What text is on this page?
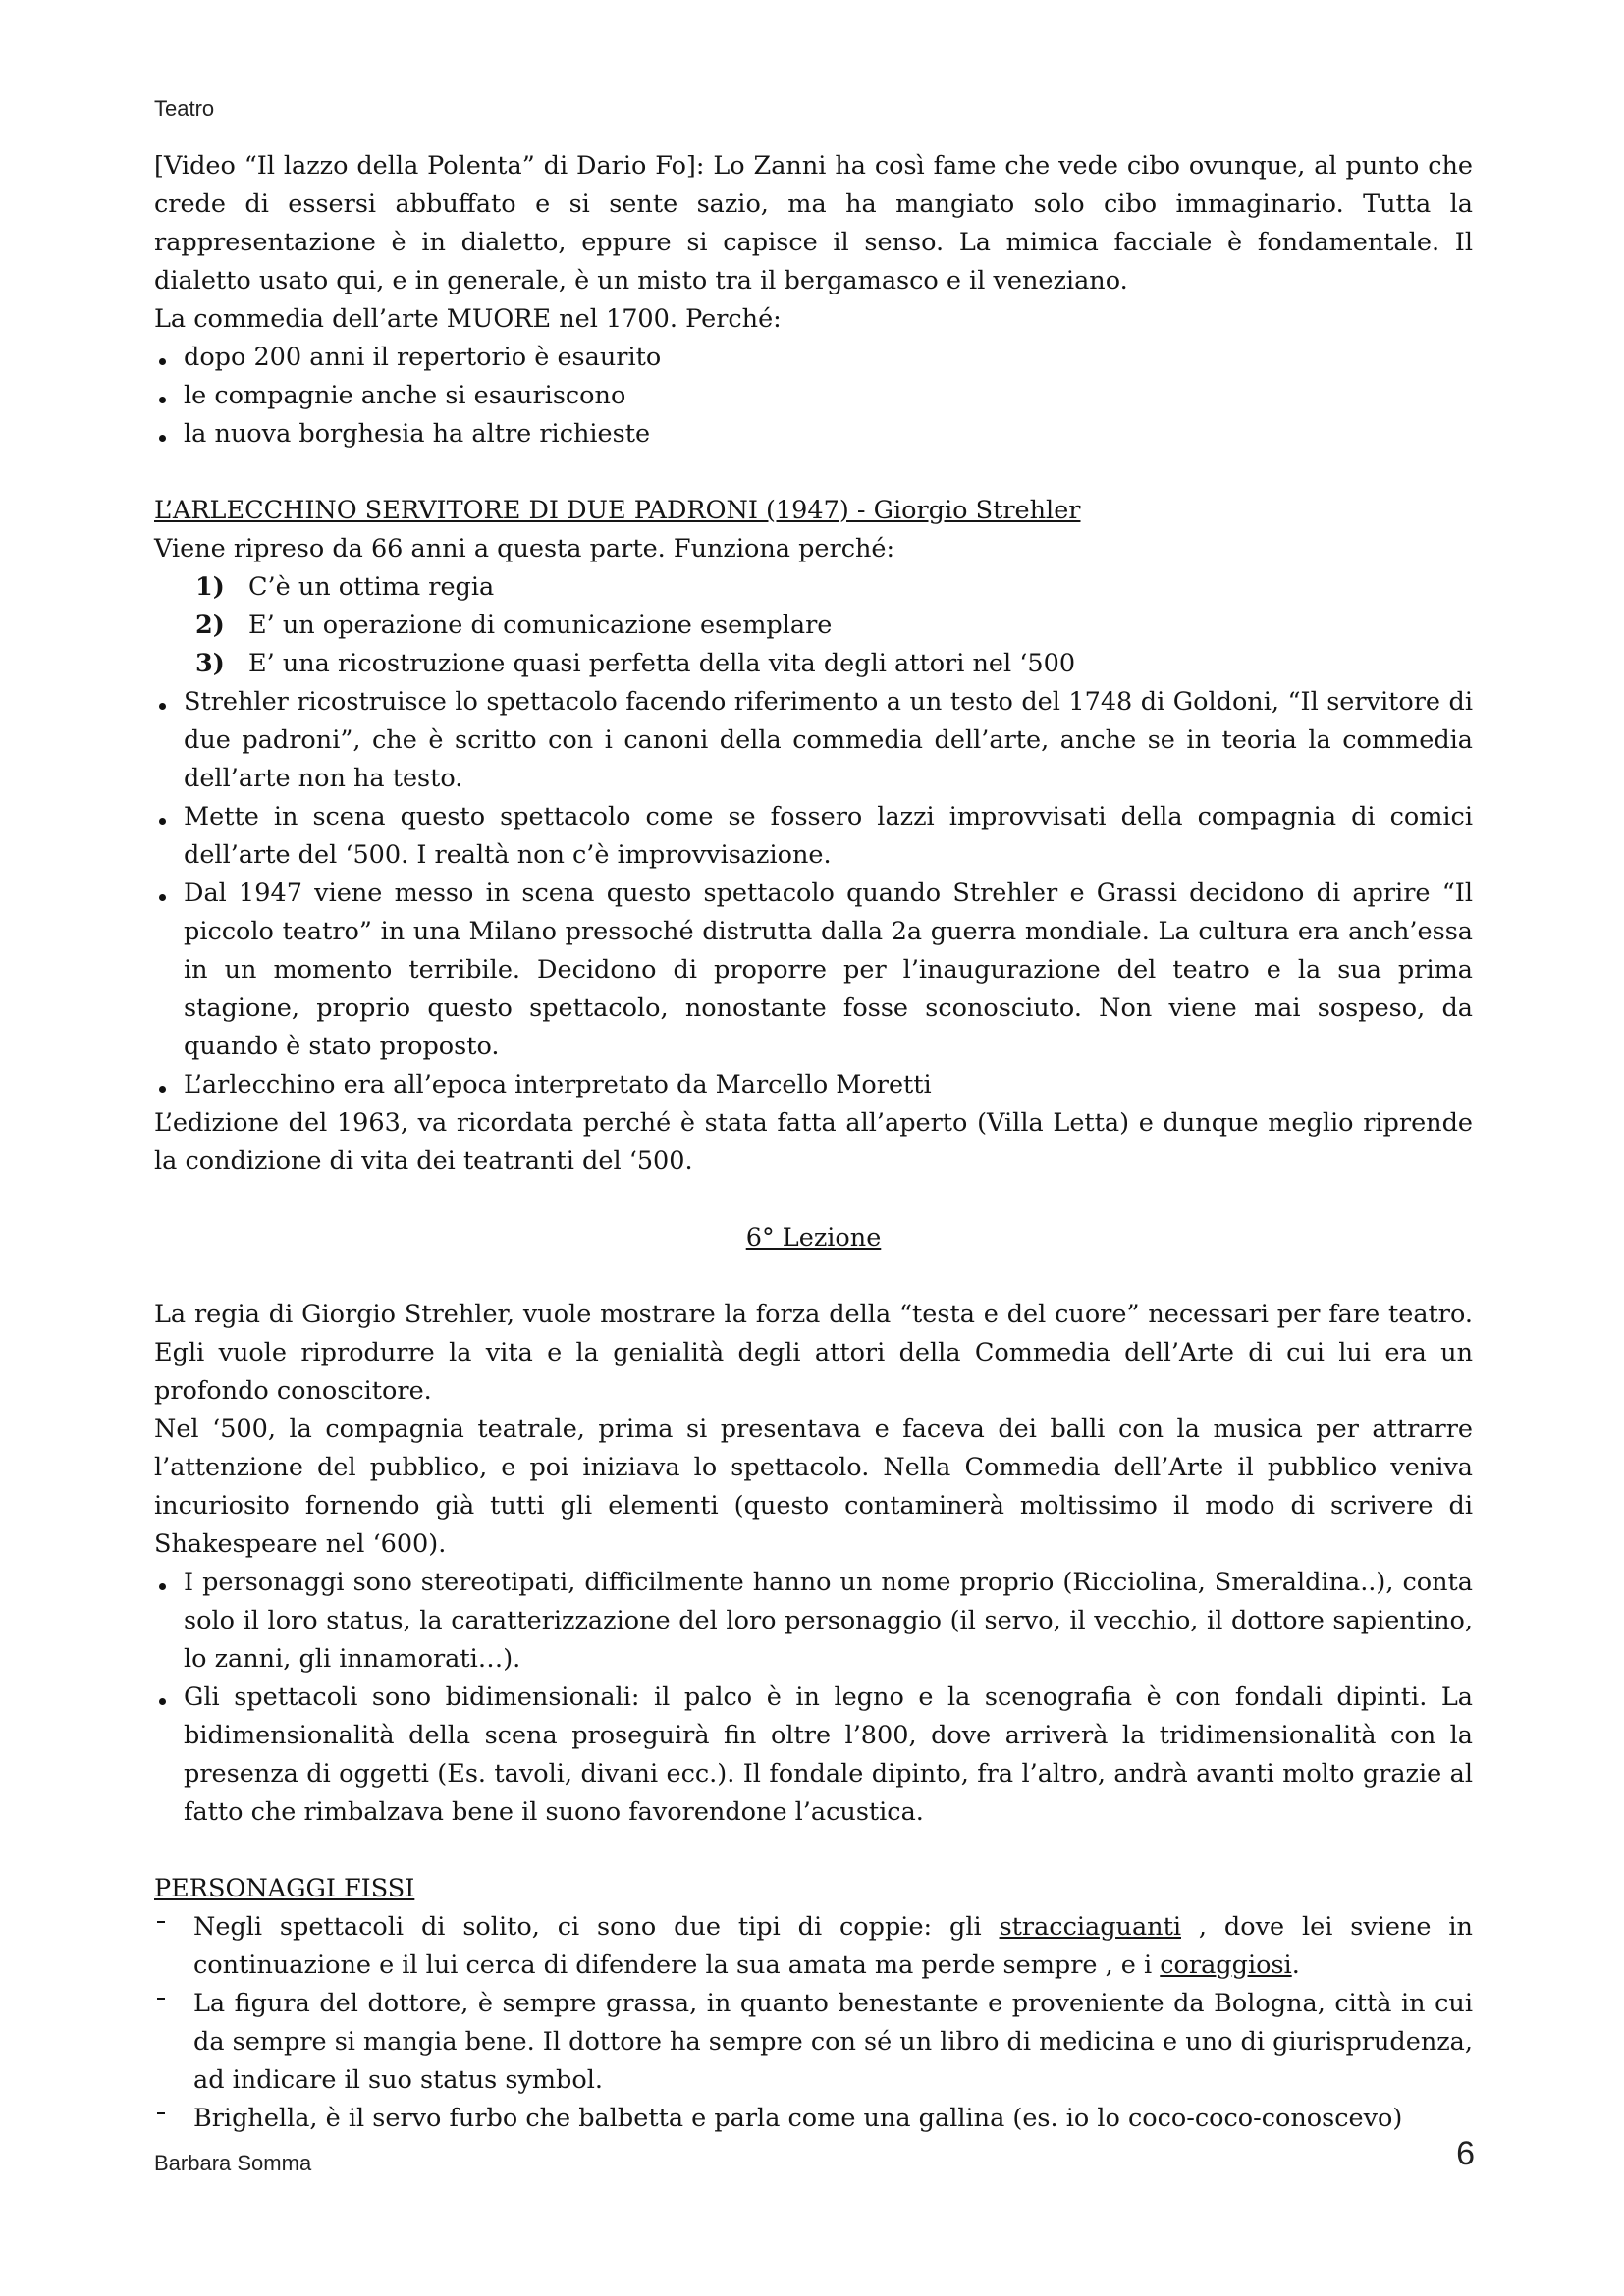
Teatro

[Video “Il lazzo della Polenta” di Dario Fo]: Lo Zanni ha così fame che vede cibo ovunque, al punto che crede di essersi abbuffato e si sente sazio, ma ha mangiato solo cibo immaginario. Tutta la rappresentazione è in dialetto, eppure si capisce il senso. La mimica facciale è fondamentale. Il dialetto usato qui, e in generale, è un misto tra il bergamasco e il veneziano.

La commedia dell’arte MUORE nel 1700. Perché:

dopo 200 anni il repertorio è esaurito
le compagnie anche si esauriscono
la nuova borghesia ha altre richieste

L’ARLECCHINO SERVITORE DI DUE PADRONI (1947) - Giorgio Strehler

Viene ripreso da 66 anni a questa parte. Funziona perché:

1) C’è un ottima regia
2) E’ un operazione di comunicazione esemplare
3) E’ una ricostruzione quasi perfetta della vita degli attori nel ‘500
Strehler ricostruisce lo spettacolo facendo riferimento a un testo del 1748 di Goldoni, “Il servitore di due padroni”, che è scritto con i canoni della commedia dell’arte, anche se in teoria la commedia dell’arte non ha testo.
Mette in scena questo spettacolo come se fossero lazzi improvvisati della compagnia di comici dell’arte del ‘500. I realtà non c’è improvvisazione.
Dal 1947 viene messo in scena questo spettacolo quando Strehler e Grassi decidono di aprire “Il piccolo teatro” in una Milano pressoché distrutta dalla 2a guerra mondiale. La cultura era anch’essa in un momento terribile. Decidono di proporre per l’inaugurazione del teatro e la sua prima stagione, proprio questo spettacolo, nonostante fosse sconosciuto. Non viene mai sospeso, da quando è stato proposto.
L’arlecchino era all’epoca interpretato da Marcello Moretti

L’edizione del 1963, va ricordata perché è stata fatta all’aperto (Villa Letta) e dunque meglio riprende la condizione di vita dei teatranti del ‘500.

6° Lezione

La regia di Giorgio Strehler, vuole mostrare la forza della “testa e del cuore” necessari per fare teatro. Egli vuole riprodurre la vita e la genialità degli attori della Commedia dell’Arte di cui lui era un profondo conoscitore.

Nel ‘500, la compagnia teatrale, prima si presentava e faceva dei balli con la musica per attrarre l’attenzione del pubblico, e poi iniziava lo spettacolo. Nella Commedia dell’Arte il pubblico veniva incuriosito fornendo già tutti gli elementi (questo contaminerà moltissimo il modo di scrivere di Shakespeare nel ‘600).

I personaggi sono stereotipati, difficilmente hanno un nome proprio (Ricciolina, Smeraldina..), conta solo il loro status, la caratterizzazione del loro personaggio (il servo, il vecchio, il dottore sapientino, lo zanni, gli innamorati…).
Gli spettacoli sono bidimensionali: il palco è in legno e la scenografia è con fondali dipinti. La bidimensionalità della scena proseguirà fin oltre l’800, dove arriverà la tridimensionalità con la presenza di oggetti (Es. tavoli, divani ecc.). Il fondale dipinto, fra l’altro, andrà avanti molto grazie al fatto che rimbalzava bene il suono favorendone l’acustica.

PERSONAGGI FISSI

Negli spettacoli di solito, ci sono due tipi di coppie: gli stracciaguanti , dove lei sviene in continuazione e il lui cerca di difendere la sua amata ma perde sempre , e i coraggiosi.
La figura del dottore, è sempre grassa, in quanto benestante e proveniente da Bologna, città in cui da sempre si mangia bene. Il dottore ha sempre con sé un libro di medicina e uno di giurisprudenza, ad indicare il suo status symbol.
Brighella, è il servo furbo che balbetta e parla come una gallina (es. io lo coco-coco-conoscevo)
Barbara Somma	6
